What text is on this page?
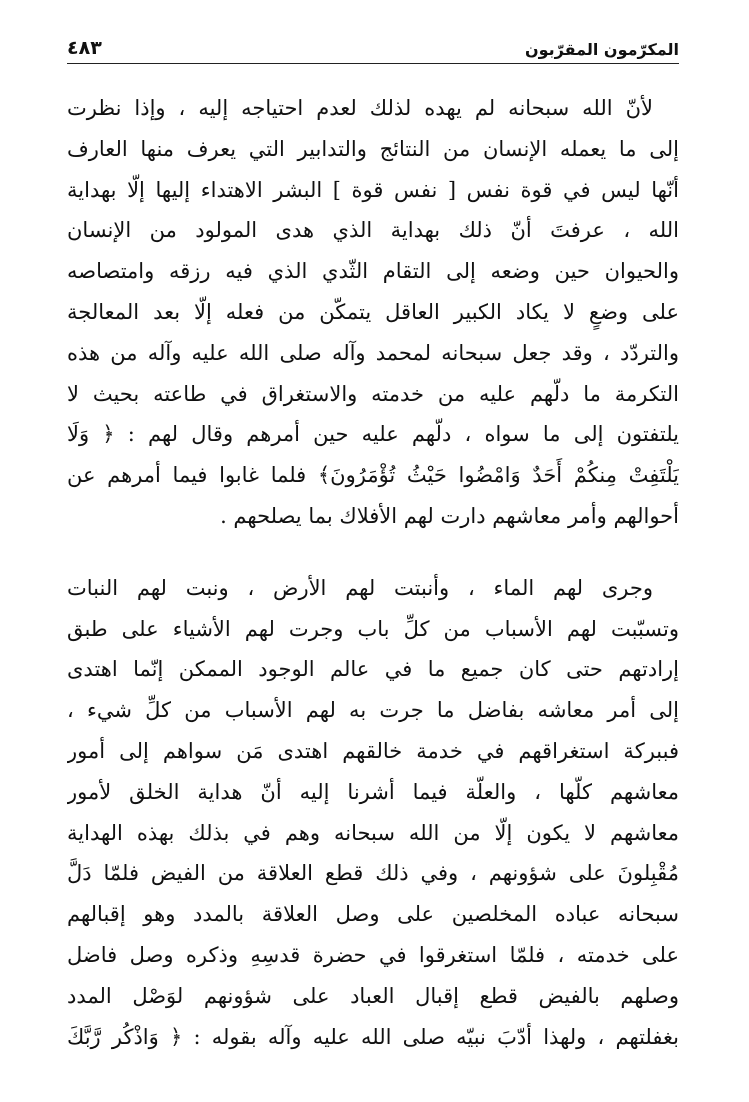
المكرّمون المقرّبون
٤٨٣
لأنّ الله سبحانه لم يهده لذلك لعدم احتياجه إليه ، وإذا نظرت
إلى ما يعمله الإنسان من النتائج والتدابير التي يعرف منها العارف
أنّها ليس في قوة نفس [ نفس قوة ] البشر الاهتداء إليها إلّا بهداية
الله ، عرفتَ أنّ ذلك بهداية الذي هدى المولود من الإنسان
والحيوان حين وضعه إلى التقام الثّدي الذي فيه رزقه وامتصاصه
على وضعٍ لا يكاد الكبير العاقل يتمكّن من فعله إلّا بعد المعالجة
والتردّد ، وقد جعل سبحانه لمحمد وآله صلى الله عليه وآله من هذه
التكرمة ما دلّهم عليه من خدمته والاستغراق في طاعته بحيث لا
يلتفتون إلى ما سواه ، دلّهم عليه حين أمرهم وقال لهم : ﴿ وَلَا
يَلْتَفِتْ مِنكُمْ أَحَدٌ وَامْضُوا حَيْثُ تُؤْمَرُونَ﴾ فلما غابوا فيما أمرهم عن
أحوالهم وأمر معاشهم دارت لهم الأفلاك بما يصلحهم .
وجرى لهم الماء ، وأنبتت لهم الأرض ، ونبت لهم النبات
وتسبّبت لهم الأسباب من كلِّ باب وجرت لهم الأشياء على طبق
إرادتهم حتى كان جميع ما في عالم الوجود الممكن إنّما اهتدى
إلى أمر معاشه بفاضل ما جرت به لهم الأسباب من كلِّ شيء ،
فببركة استغراقهم في خدمة خالقهم اهتدى مَن سواهم إلى أمور
معاشهم كلّها ، والعلّة فيما أشرنا إليه أنّ هداية الخلق لأمور
معاشهم لا يكون إلّا من الله سبحانه وهم في بذلك بهذه الهداية
مُقْبِلونَ على شؤونهم ، وفي ذلك قطع العلاقة من الفيض فلمّا دَلَّ
سبحانه عباده المخلصين على وصل العلاقة بالمدد وهو إقبالهم
على خدمته ، فلمّا استغرقوا في حضرة قدسِهِ وذكره وصل فاضل
وصلهم بالفيض قطع إقبال العباد على شؤونهم لوَصْل المدد
بغفلتهم ، ولهذا أدّبَ نبيّه صلى الله عليه وآله بقوله : ﴿ وَاذْكُر رَّبَّكَ
